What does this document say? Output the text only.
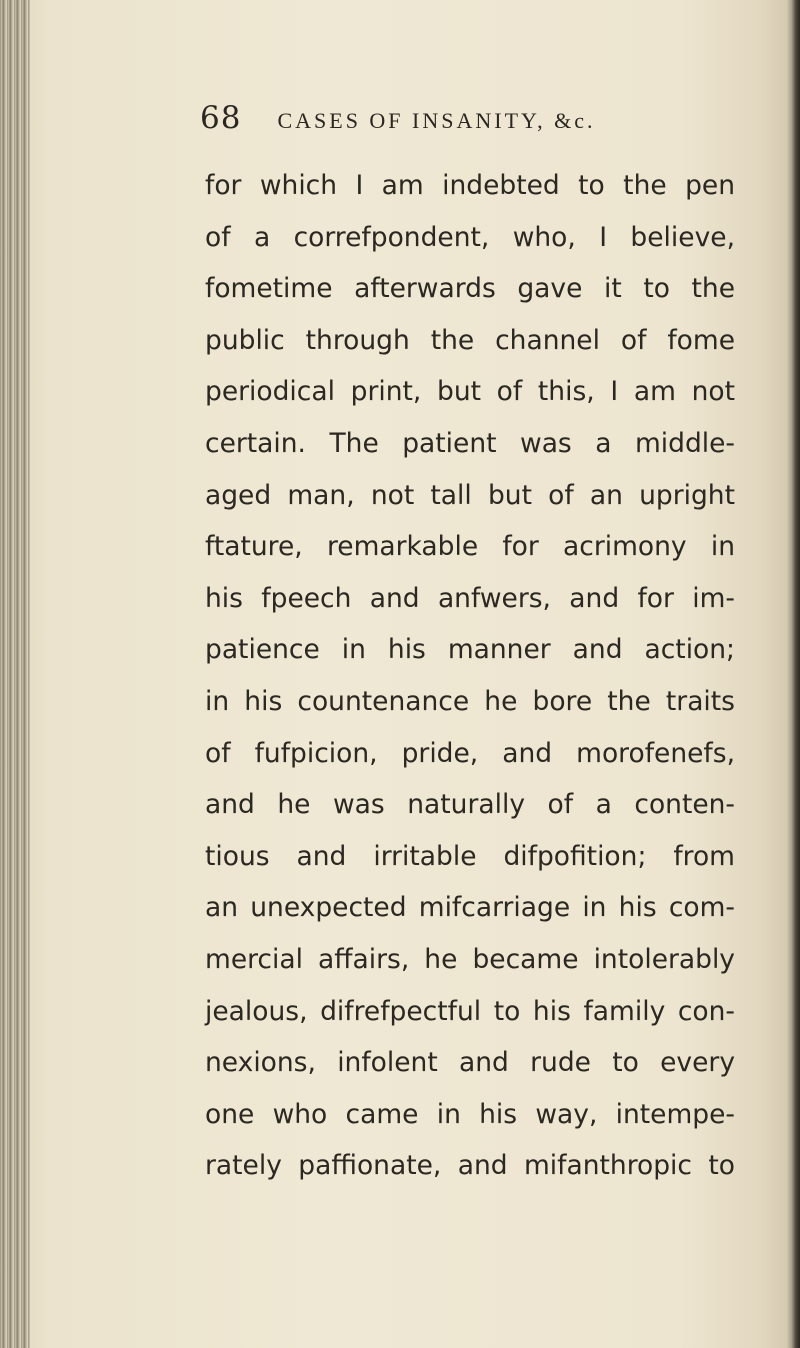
68 CASES OF INSANITY, &c.
for which I am indebted to the pen
of a correfpondent, who, I believe,
fometime afterwards gave it to the
public through the channel of fome
periodical print, but of this, I am not
certain. The patient was a middle-
aged man, not tall but of an upright
ftature, remarkable for acrimony in
his fpeech and anfwers, and for im-
patience in his manner and action;
in his countenance he bore the traits
of fufpicion, pride, and morofenefs,
and he was naturally of a conten-
tious and irritable difpofition; from
an unexpected mifcarriage in his com-
mercial affairs, he became intolerably
jealous, difrefpectful to his family con-
nexions, infolent and rude to every
one who came in his way, intempe-
rately paffionate, and mifanthropic to
